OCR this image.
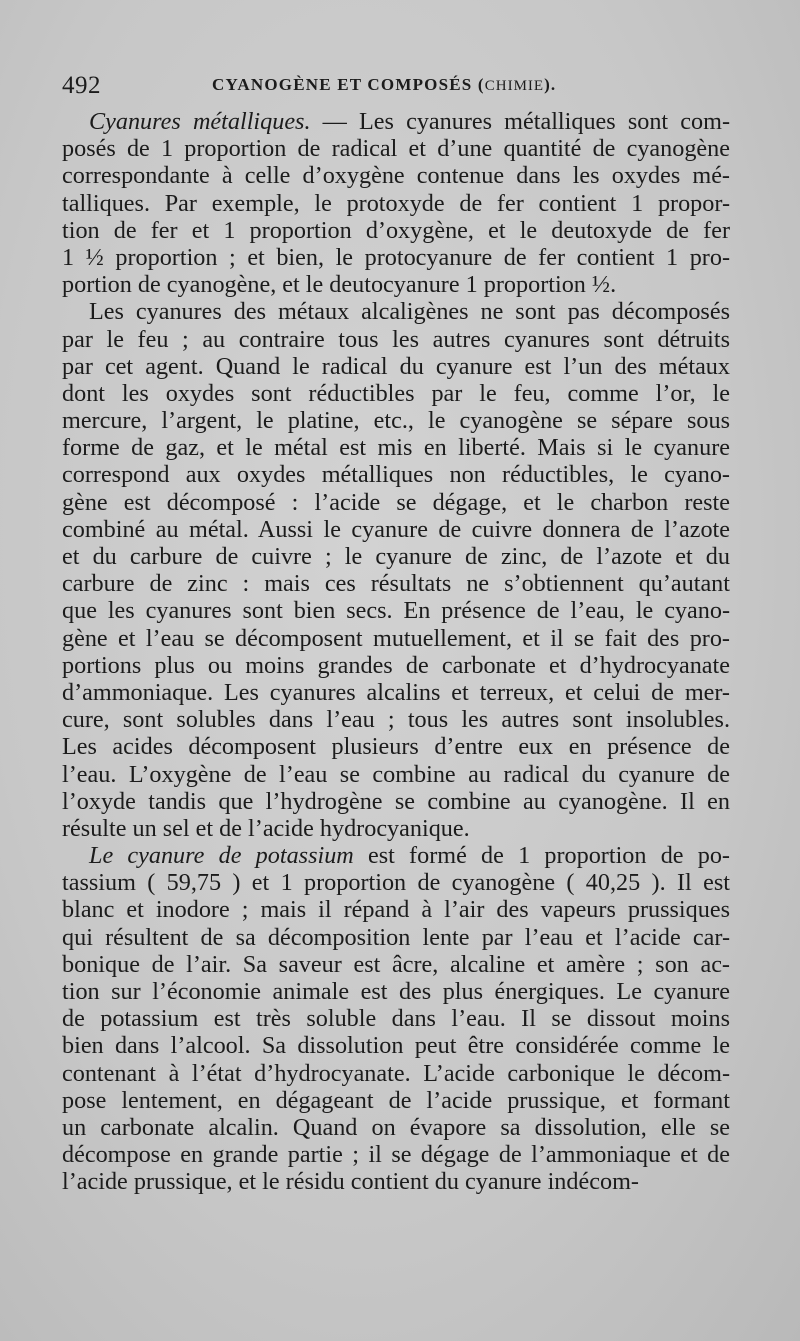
492	CYANOGÈNE ET COMPOSÉS (CHIMIE).
Cyanures métalliques. — Les cyanures métalliques sont com-
posés de 1 proportion de radical et d’une quantité de cyanogène
correspondante à celle d’oxygène contenue dans les oxydes mé-
talliques. Par exemple, le protoxyde de fer contient 1 propor-
tion de fer et 1 proportion d’oxygène, et le deutoxyde de fer
1 ½ proportion ; et bien, le protocyanure de fer contient 1 pro-
portion de cyanogène, et le deutocyanure 1 proportion ½.
Les cyanures des métaux alcaligènes ne sont pas décomposés
par le feu ; au contraire tous les autres cyanures sont détruits
par cet agent. Quand le radical du cyanure est l’un des métaux
dont les oxydes sont réductibles par le feu, comme l’or, le
mercure, l’argent, le platine, etc., le cyanogène se sépare sous
forme de gaz, et le métal est mis en liberté. Mais si le cyanure
correspond aux oxydes métalliques non réductibles, le cyano-
gène est décomposé : l’acide se dégage, et le charbon reste
combiné au métal. Aussi le cyanure de cuivre donnera de l’azote
et du carbure de cuivre ; le cyanure de zinc, de l’azote et du
carbure de zinc : mais ces résultats ne s’obtiennent qu’autant
que les cyanures sont bien secs. En présence de l’eau, le cyano-
gène et l’eau se décomposent mutuellement, et il se fait des pro-
portions plus ou moins grandes de carbonate et d’hydrocyanate
d’ammoniaque. Les cyanures alcalins et terreux, et celui de mer-
cure, sont solubles dans l’eau ; tous les autres sont insolubles.
Les acides décomposent plusieurs d’entre eux en présence de
l’eau. L’oxygène de l’eau se combine au radical du cyanure de
l’oxyde tandis que l’hydrogène se combine au cyanogène. Il en
résulte un sel et de l’acide hydrocyanique.
Le cyanure de potassium est formé de 1 proportion de po-
tassium ( 59,75 ) et 1 proportion de cyanogène ( 40,25 ). Il est
blanc et inodore ; mais il répand à l’air des vapeurs prussiques
qui résultent de sa décomposition lente par l’eau et l’acide car-
bonique de l’air. Sa saveur est âcre, alcaline et amère ; son ac-
tion sur l’économie animale est des plus énergiques. Le cyanure
de potassium est très soluble dans l’eau. Il se dissout moins
bien dans l’alcool. Sa dissolution peut être considérée comme le
contenant à l’état d’hydrocyanate. L’acide carbonique le décom-
pose lentement, en dégageant de l’acide prussique, et formant
un carbonate alcalin. Quand on évapore sa dissolution, elle se
décompose en grande partie ; il se dégage de l’ammoniaque et de
l’acide prussique, et le résidu contient du cyanure indécom-
